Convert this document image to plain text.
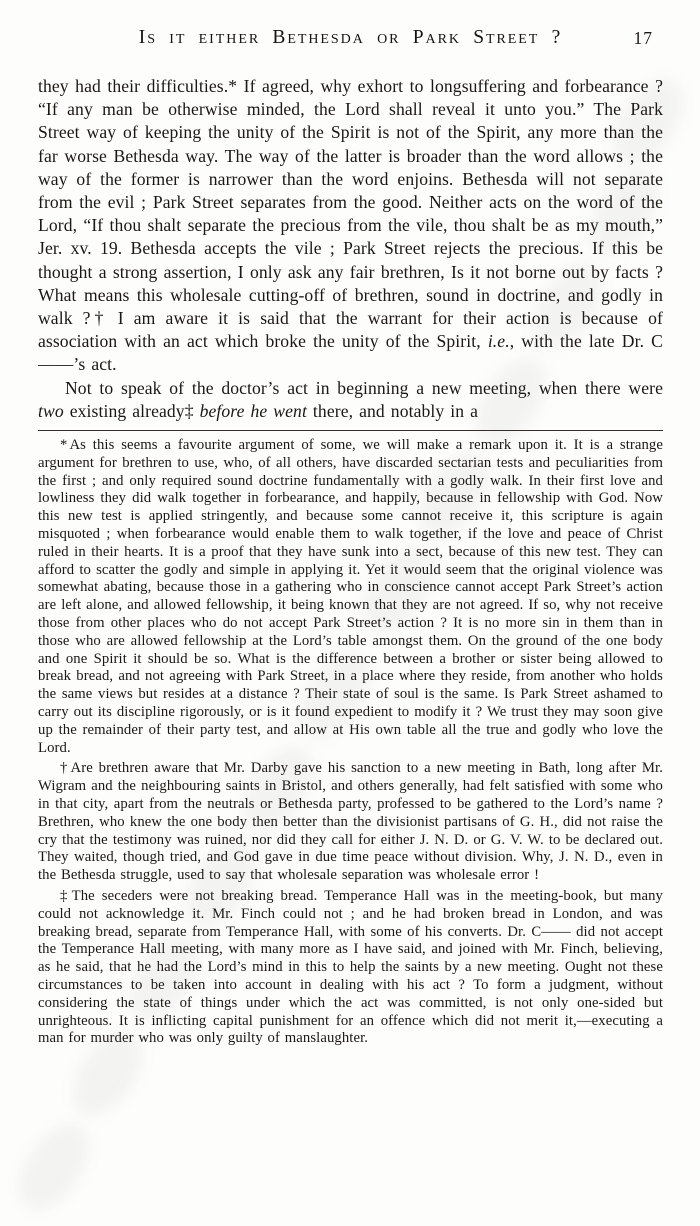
Is it either Bethesda or Park Street ?	17

they had their difficulties.* If agreed, why exhort to longsuffering and forbearance ? “If any man be otherwise minded, the Lord shall reveal it unto you.” The Park Street way of keeping the unity of the Spirit is not of the Spirit, any more than the far worse Bethesda way. The way of the latter is broader than the word allows ; the way of the former is narrower than the word enjoins. Bethesda will not separate from the evil ; Park Street separates from the good. Neither acts on the word of the Lord, “If thou shalt separate the precious from the vile, thou shalt be as my mouth,” Jer. xv. 19. Bethesda accepts the vile ; Park Street rejects the precious. If this be thought a strong assertion, I only ask any fair brethren, Is it not borne out by facts ? What means this wholesale cutting-off of brethren, sound in doctrine, and godly in walk ?† I am aware it is said that the warrant for their action is because of association with an act which broke the unity of the Spirit, i.e., with the late Dr. C——’s act.

Not to speak of the doctor’s act in beginning a new meeting, when there were two existing already‡ before he went there, and notably in a

* As this seems a favourite argument of some, we will make a remark upon it. It is a strange argument for brethren to use, who, of all others, have discarded sectarian tests and peculiarities from the first ; and only required sound doctrine fundamentally with a godly walk. In their first love and lowliness they did walk together in forbearance, and happily, because in fellowship with God. Now this new test is applied stringently, and because some cannot receive it, this scripture is again misquoted ; when forbearance would enable them to walk together, if the love and peace of Christ ruled in their hearts. It is a proof that they have sunk into a sect, because of this new test. They can afford to scatter the godly and simple in applying it. Yet it would seem that the original violence was somewhat abating, because those in a gathering who in conscience cannot accept Park Street’s action are left alone, and allowed fellowship, it being known that they are not agreed. If so, why not receive those from other places who do not accept Park Street’s action ? It is no more sin in them than in those who are allowed fellowship at the Lord’s table amongst them. On the ground of the one body and one Spirit it should be so. What is the difference between a brother or sister being allowed to break bread, and not agreeing with Park Street, in a place where they reside, from another who holds the same views but resides at a distance ? Their state of soul is the same. Is Park Street ashamed to carry out its discipline rigorously, or is it found expedient to modify it ? We trust they may soon give up the remainder of their party test, and allow at His own table all the true and godly who love the Lord.

† Are brethren aware that Mr. Darby gave his sanction to a new meeting in Bath, long after Mr. Wigram and the neighbouring saints in Bristol, and others generally, had felt satisfied with some who in that city, apart from the neutrals or Bethesda party, professed to be gathered to the Lord’s name ? Brethren, who knew the one body then better than the divisionist partisans of G. H., did not raise the cry that the testimony was ruined, nor did they call for either J. N. D. or G. V. W. to be declared out. They waited, though tried, and God gave in due time peace without division. Why, J. N. D., even in the Bethesda struggle, used to say that wholesale separation was wholesale error !

‡ The seceders were not breaking bread. Temperance Hall was in the meeting-book, but many could not acknowledge it. Mr. Finch could not ; and he had broken bread in London, and was breaking bread, separate from Temperance Hall, with some of his converts. Dr. C—— did not accept the Temperance Hall meeting, with many more as I have said, and joined with Mr. Finch, believing, as he said, that he had the Lord’s mind in this to help the saints by a new meeting. Ought not these circumstances to be taken into account in dealing with his act ? To form a judgment, without considering the state of things under which the act was committed, is not only one-sided but unrighteous. It is inflicting capital punishment for an offence which did not merit it,—executing a man for murder who was only guilty of manslaughter.
